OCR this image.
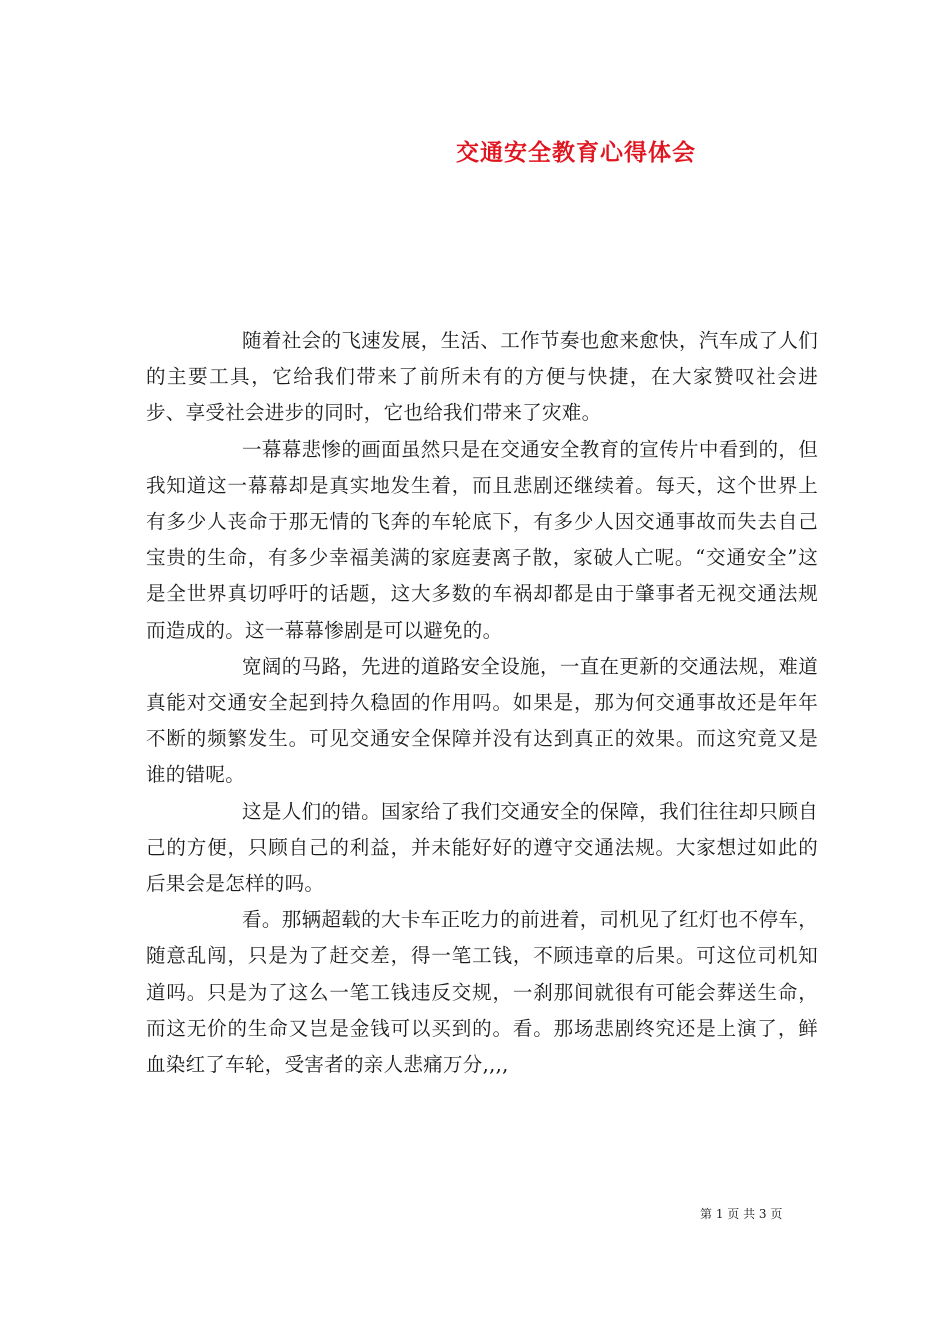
交通安全教育心得体会

随着社会的飞速发展，生活、工作节奏也愈来愈快，汽车成了人们的主要工具，它给我们带来了前所未有的方便与快捷，在大家赞叹社会进步、享受社会进步的同时，它也给我们带来了灾难。

一幕幕悲惨的画面虽然只是在交通安全教育的宣传片中看到的，但我知道这一幕幕却是真实地发生着，而且悲剧还继续着。每天，这个世界上有多少人丧命于那无情的飞奔的车轮底下，有多少人因交通事故而失去自己宝贵的生命，有多少幸福美满的家庭妻离子散，家破人亡呢。“交通安全”这是全世界真切呼吁的话题，这大多数的车祸却都是由于肇事者无视交通法规而造成的。这一幕幕惨剧是可以避免的。

宽阔的马路，先进的道路安全设施，一直在更新的交通法规，难道真能对交通安全起到持久稳固的作用吗。如果是，那为何交通事故还是年年不断的频繁发生。可见交通安全保障并没有达到真正的效果。而这究竟又是谁的错呢。

这是人们的错。国家给了我们交通安全的保障，我们往往却只顾自己的方便，只顾自己的利益，并未能好好的遵守交通法规。大家想过如此的后果会是怎样的吗。

看。那辆超载的大卡车正吃力的前进着，司机见了红灯也不停车，随意乱闯，只是为了赶交差，得一笔工钱，不顾违章的后果。可这位司机知道吗。只是为了这么一笔工钱违反交规，一刹那间就很有可能会葬送生命，而这无价的生命又岂是金钱可以买到的。看。那场悲剧终究还是上演了，鲜血染红了车轮，受害者的亲人悲痛万分,,,,

第 1 页 共 3 页
